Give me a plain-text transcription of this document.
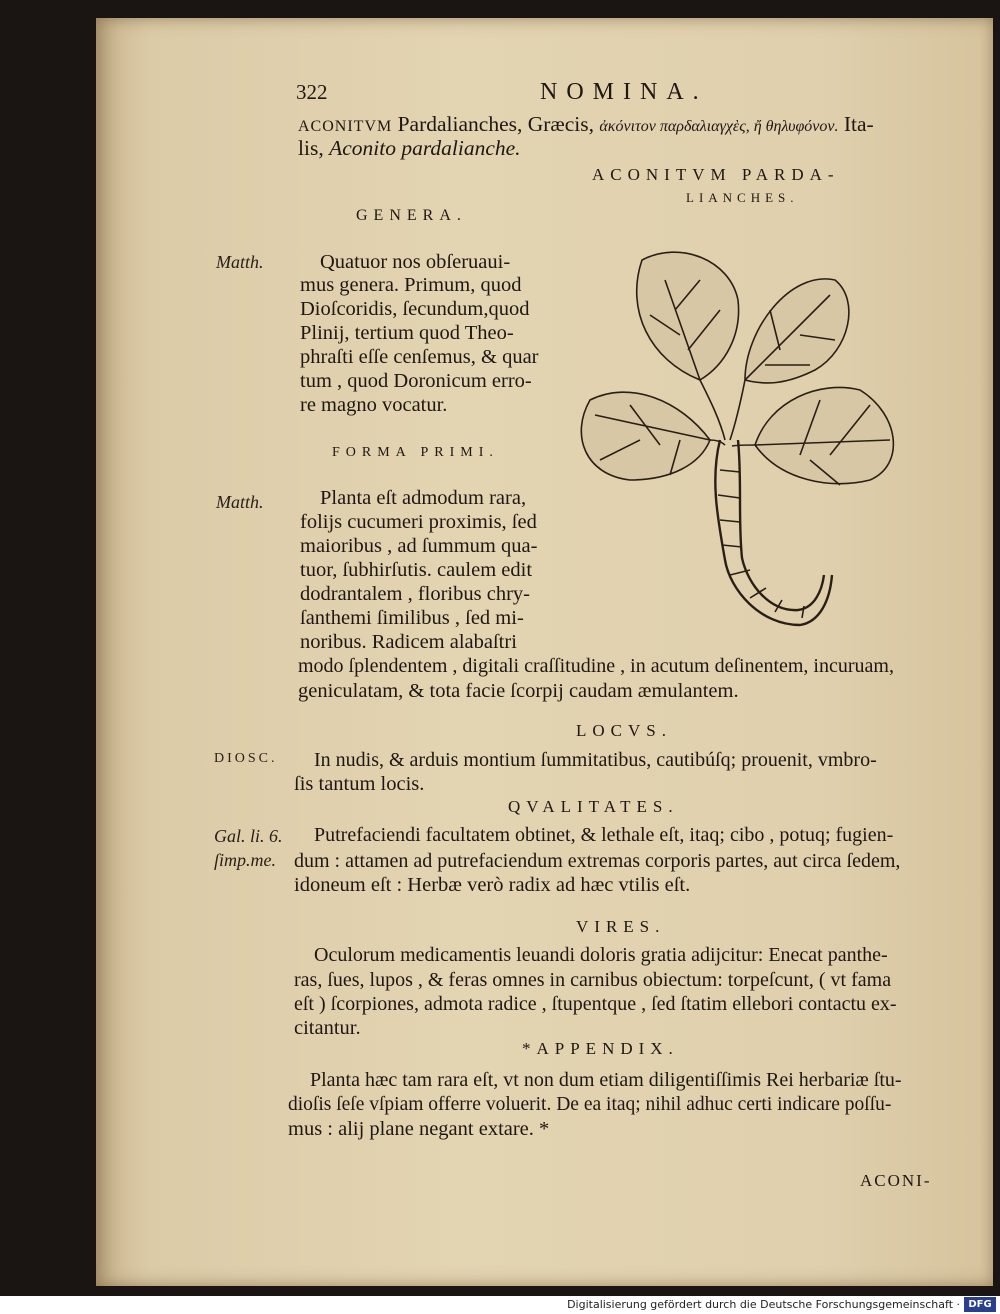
322	NOMINA.
ACONITVM Pardalianches, Græcis, ἀκόνιτον παρδαλιαγχὲς, ἤ θηλυφόνον. Ita-
lis, Aconito pardalianche.
ACONITVM PARDA-
LIANCHES.
GENERA.
Matth.	Quatuor nos obſeruaui-
mus genera. Primum, quod
Dioſcoridis, ſecundum,quod
Plinij, tertium quod Theo-
phraſti eſſe cenſemus, & quar
tum , quod Doronicum erro-
re magno vocatur.
FORMA PRIMI.
Matth.	Planta eſt admodum rara,
folijs cucumeri proximis, ſed
maioribus , ad ſummum qua-
tuor, ſubhirſutis. caulem edit
dodrantalem , floribus chry-
ſanthemi ſimilibus , ſed mi-
noribus. Radicem alabaſtri
modo ſplendentem , digitali craſſitudine , in acutum deſinentem, incuruam,
geniculatam, & tota facie ſcorpij caudam æmulantem.
LOCVS.
DIOSC. In nudis, & arduis montium ſummitatibus, cautibúſq; prouenit, vmbro-
ſis tantum locis.
QVALITATES.
Gal. li. 6.
ſimp.me.
Putrefaciendi facultatem obtinet, & lethale eſt, itaq; cibo , potuq; fugien-
dum : attamen ad putrefaciendum extremas corporis partes, aut circa ſedem,
idoneum eſt : Herbæ verò radix ad hæc vtilis eſt.
VIRES.
Oculorum medicamentis leuandi doloris gratia adijcitur: Enecat panthe-
ras, ſues, lupos , & feras omnes in carnibus obiectum: torpeſcunt, ( vt fama
eſt ) ſcorpiones, admota radice , ſtupentque , ſed ſtatim ellebori contactu ex-
citantur.
*APPENDIX.
Planta hæc tam rara eſt, vt non dum etiam diligentiſſimis Rei herbariæ ſtu-
dioſis ſeſe vſpiam offerre voluerit. De ea itaq; nihil adhuc certi indicare poſſu-
mus : alij plane negant extare. *
ACONI-
Digitalisierung gefördert durch die Deutsche Forschungsgemeinschaft · DFG
